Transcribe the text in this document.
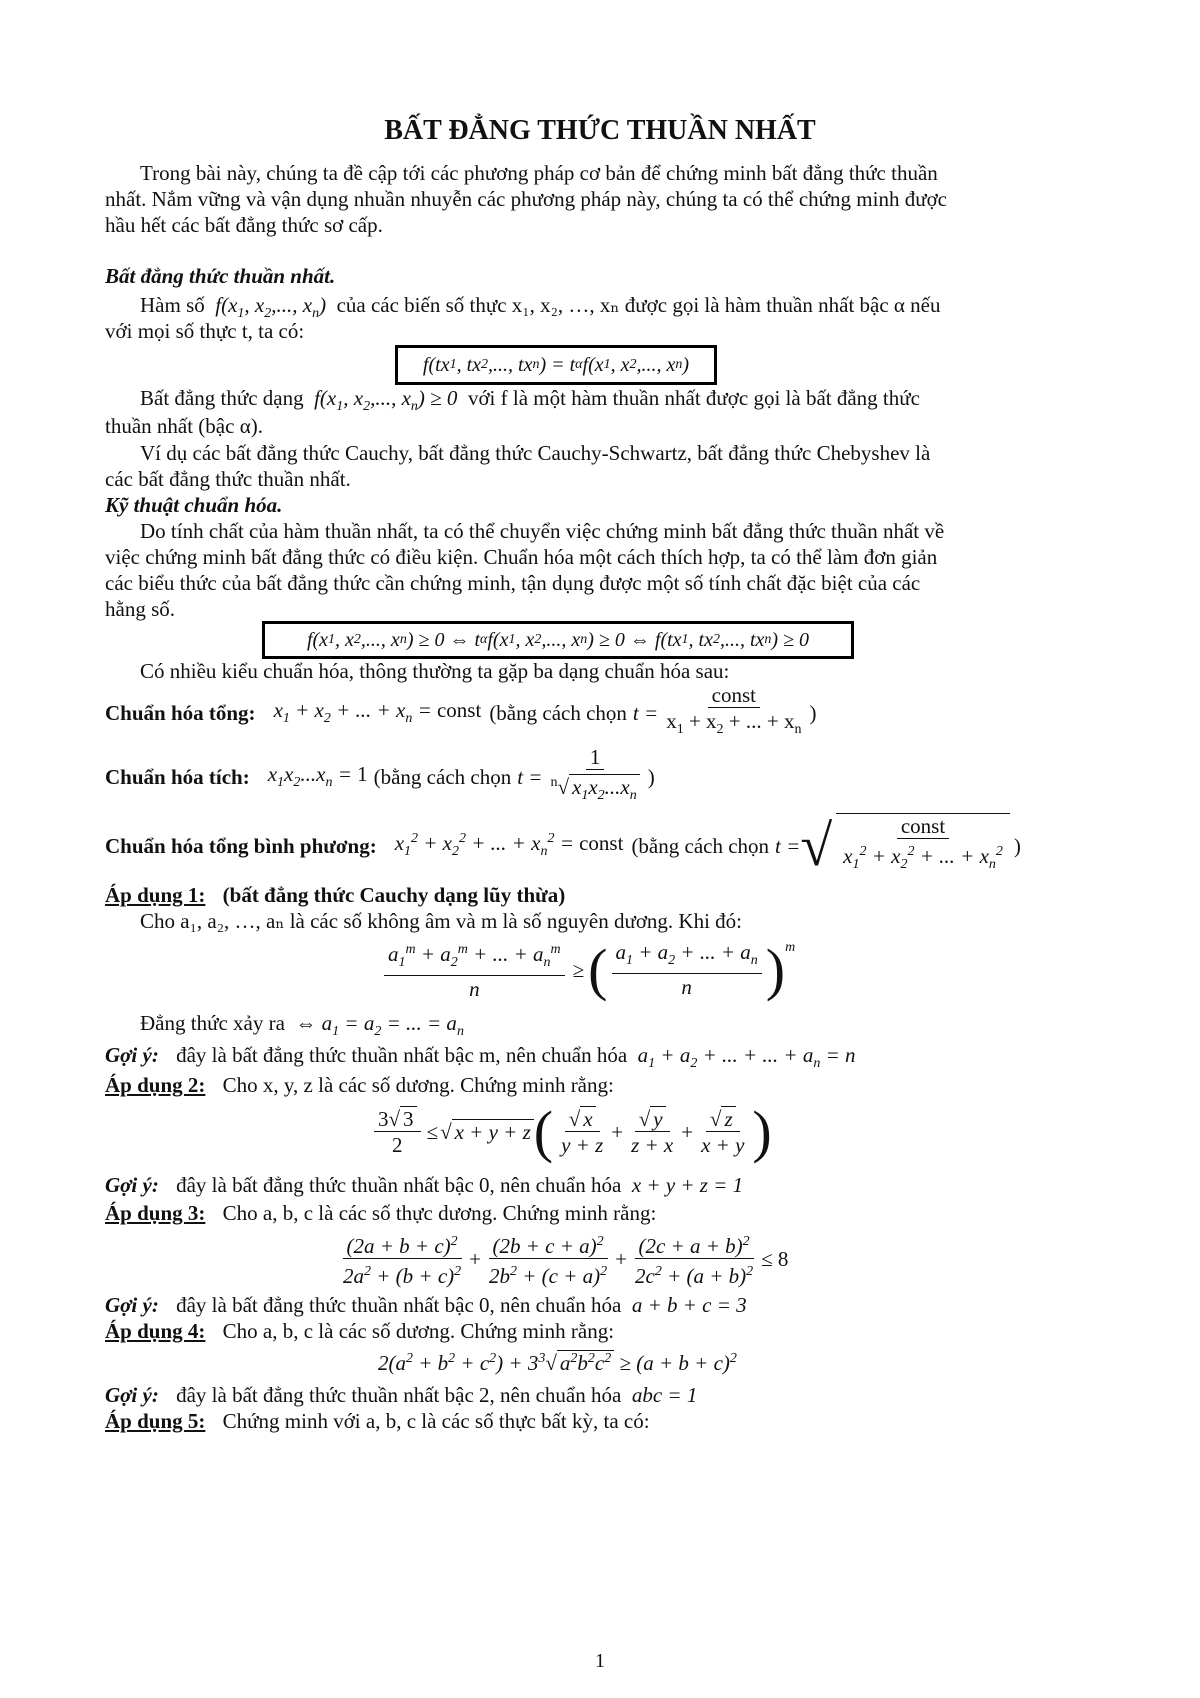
BẤT ĐẲNG THỨC THUẦN NHẤT
Trong bài này, chúng ta đề cập tới các phương pháp cơ bản để chứng minh bất đẳng thức thuần
nhất. Nắm vững và vận dụng nhuần nhuyễn các phương pháp này, chúng ta có thể chứng minh được
hầu hết các bất đẳng thức sơ cấp.
Bất đẳng thức thuần nhất.
Hàm số  $f(x_1$, $x_2$,..., $x_n$)  của các biến số thực x₁, x₂, …, xₙ được gọi là hàm thuần nhất bậc α nếu
với mọi số thực t, ta có:
f(tx 1 , tx 2 ,..., tx n ) = t α f(x 1 , x 2 ,..., x n )
Bất đẳng thức dạng  $f(x_1$, $x_2$,..., $x_n) \ge 0$  với f là một hàm thuần nhất được gọi là bất đẳng thức
thuần nhất (bậc α).
Ví dụ các bất đẳng thức Cauchy, bất đẳng thức Cauchy-Schwartz, bất đẳng thức Chebyshev là
các bất đẳng thức thuần nhất.
Kỹ thuật chuẩn hóa.
Do tính chất của hàm thuần nhất, ta có thể chuyển việc chứng minh bất đẳng thức thuần nhất về
việc chứng minh bất đẳng thức có điều kiện. Chuẩn hóa một cách thích hợp, ta có thể làm đơn giản
các biểu thức của bất đẳng thức cần chứng minh, tận dụng được một số tính chất đặc biệt của các
hằng số.
f(x 1 , x 2 ,..., x n ) ≥ 0 ⇔ t α f(x 1 , x 2 ,..., x n ) ≥ 0 ⇔ f(tx 1 , tx 2 ,..., tx n ) ≥ 0
Có nhiều kiểu chuẩn hóa, thông thường ta gặp ba dạng chuẩn hóa sau:
Chuẩn hóa tổng: $x_1 + x_2$ + ... + $x_n$ = const (bằng cách chọn $t = \frac{\text{const}}{x_1 + x_2 + ... + x_n}$ )
Chuẩn hóa tích: $x_1x_2...x_n = 1$ (bằng cách chọn $t = \frac{1}{^n√ x_1x_2...x_n}$ )
Chuẩn hóa tổng bình phương: $x_1^2 + x_2^2$ + ... + $x_n^2$ = const (bằng cách chọn t = √ $\frac{\text{const}}{x_1^2 + x_2^2 + ... + x_n^2}$ )
Áp dụng 1: (bất đẳng thức Cauchy dạng lũy thừa)
Cho a₁, a₂, …, aₙ là các số không âm và m là số nguyên dương. Khi đó:
$\frac{a_1^m + a_2^m + ... + a_n^m}{n}$ ≥ ( $\frac{a_1 + a_2 + ... + a_n}{n} )^m$
Đẳng thức xảy ra  ⇔ $a_1 = a_2$ = ... = $a_n$
Gợi ý: đây là bất đẳng thức thuần nhất bậc m, nên chuẩn hóa  $a_1 + a_2$ + ... + ... + $a_n = n$
Áp dụng 2: Cho x, y, z là các số dương. Chứng minh rằng:
$\frac{3√ 3}{2}$ ≤ √ x + y + z ( $\frac{√ x}{y + z} + \frac{√ y}{z + x} + \frac{√ z}{x + y}$ )
Gợi ý: đây là bất đẳng thức thuần nhất bậc 0, nên chuẩn hóa  x + y + z = 1
Áp dụng 3: Cho a, b, c là các số thực dương. Chứng minh rằng:
$\frac{(2a + b + c)^2}{2a^2 + (b + c)^2} + \frac{(2b + c + a)^2}{2b^2 + (c + a)^2} + \frac{(2c + a + b)^2}{2c^2 + (a + b)^2} \le 8$
Gợi ý: đây là bất đẳng thức thuần nhất bậc 0, nên chuẩn hóa  a + b + c = 3
Áp dụng 4: Cho a, b, c là các số dương. Chứng minh rằng:
$2(a^2 + b^2 + c^2) + 3^3√$ $a^2b^2c^2 \ge (a + b + c)^2$
Gợi ý: đây là bất đẳng thức thuần nhất bậc 2, nên chuẩn hóa  abc = 1
Áp dụng 5: Chứng minh với a, b, c là các số thực bất kỳ, ta có:
1
